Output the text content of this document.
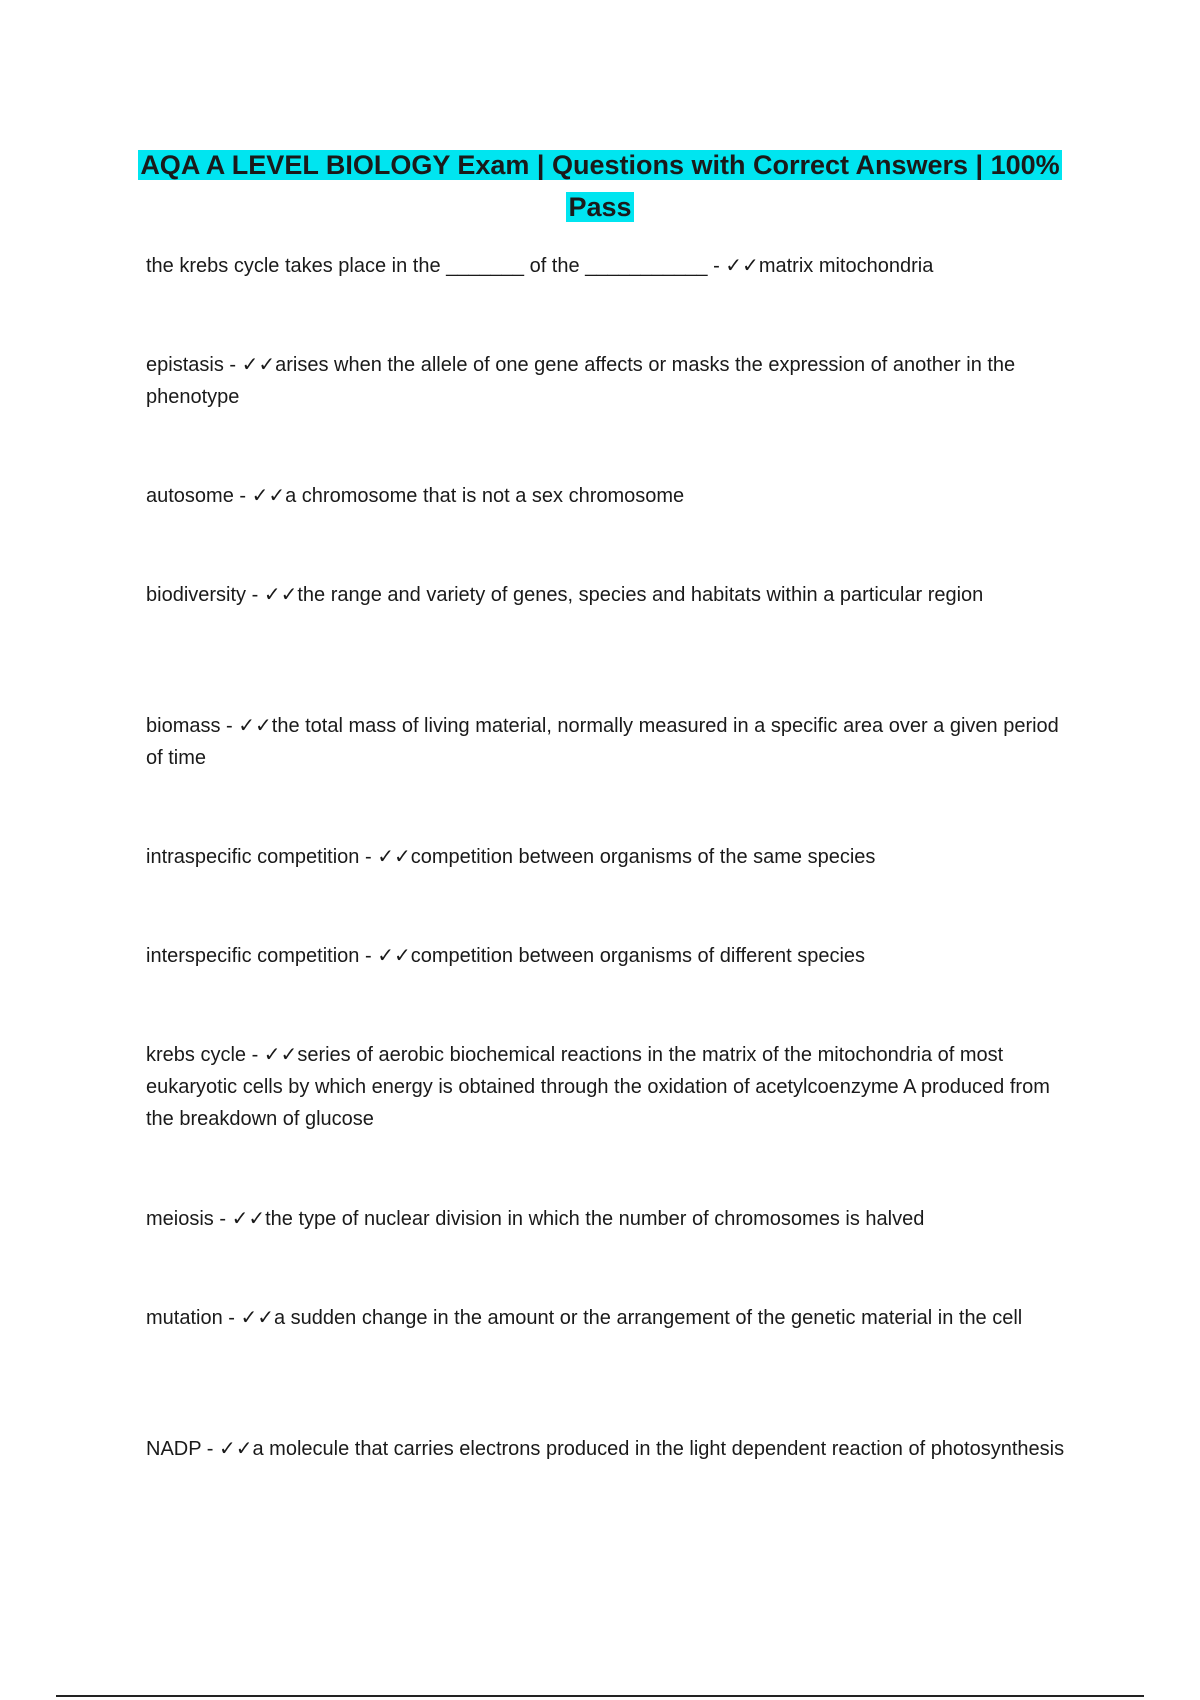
AQA A LEVEL BIOLOGY Exam | Questions with Correct Answers | 100% Pass

the krebs cycle takes place in the _______ of the ___________ - ✓✓matrix mitochondria

epistasis - ✓✓arises when the allele of one gene affects or masks the expression of another in the phenotype

autosome - ✓✓a chromosome that is not a sex chromosome

biodiversity - ✓✓the range and variety of genes, species and habitats within a particular region

biomass - ✓✓the total mass of living material, normally measured in a specific area over a given period of time

intraspecific competition - ✓✓competition between organisms of the same species

interspecific competition - ✓✓competition between organisms of different species

krebs cycle - ✓✓series of aerobic biochemical reactions in the matrix of the mitochondria of most eukaryotic cells by which energy is obtained through the oxidation of acetylcoenzyme A produced from the breakdown of glucose

meiosis - ✓✓the type of nuclear division in which the number of chromosomes is halved

mutation - ✓✓a sudden change in the amount or the arrangement of the genetic material in the cell

NADP - ✓✓a molecule that carries electrons produced in the light dependent reaction of photosynthesis
